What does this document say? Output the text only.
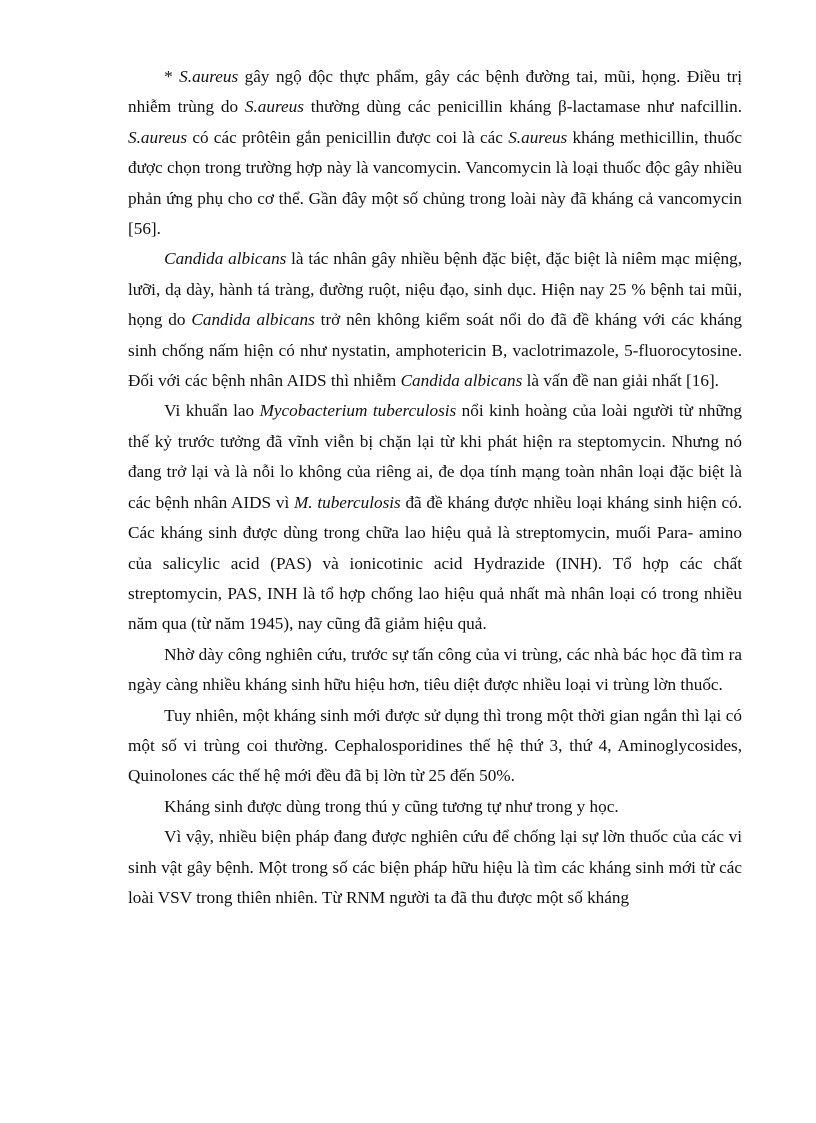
* S.aureus gây ngộ độc thực phẩm, gây các bệnh đường tai, mũi, họng. Điều trị nhiễm trùng do S.aureus thường dùng các penicillin kháng β-lactamase như nafcillin. S.aureus có các prôtêin gắn penicillin được coi là các S.aureus kháng methicillin, thuốc được chọn trong trường hợp này là vancomycin. Vancomycin là loại thuốc độc gây nhiều phản ứng phụ cho cơ thể. Gần đây một số chủng trong loài này đã kháng cả vancomycin [56].

Candida albicans là tác nhân gây nhiều bệnh đặc biệt, đặc biệt là niêm mạc miệng, lưỡi, dạ dày, hành tá tràng, đường ruột, niệu đạo, sinh dục. Hiện nay 25 % bệnh tai mũi, họng do Candida albicans trở nên không kiểm soát nổi do đã đề kháng với các kháng sinh chống nấm hiện có như nystatin, amphotericin B, vaclotrimazole, 5-fluorocytosine. Đối với các bệnh nhân AIDS thì nhiễm Candida albicans là vấn đề nan giải nhất [16].

Vi khuẩn lao Mycobacterium tuberculosis nổi kinh hoàng của loài người từ những thế kỷ trước tưởng đã vĩnh viễn bị chặn lại từ khi phát hiện ra steptomycin. Nhưng nó đang trở lại và là nỗi lo không của riêng ai, đe dọa tính mạng toàn nhân loại đặc biệt là các bệnh nhân AIDS vì M. tuberculosis đã đề kháng được nhiều loại kháng sinh hiện có. Các kháng sinh được dùng trong chữa lao hiệu quả là streptomycin, muối Para- amino của salicylic acid (PAS) và ionicotinic acid Hydrazide (INH). Tổ hợp các chất streptomycin, PAS, INH là tổ hợp chống lao hiệu quả nhất mà nhân loại có trong nhiều năm qua (từ năm 1945), nay cũng đã giảm hiệu quả.

Nhờ dày công nghiên cứu, trước sự tấn công của vi trùng, các nhà bác học đã tìm ra ngày càng nhiều kháng sinh hữu hiệu hơn, tiêu diệt được nhiều loại vi trùng lờn thuốc.

Tuy nhiên, một kháng sinh mới được sử dụng thì trong một thời gian ngắn thì lại có một số vi trùng coi thường. Cephalosporidines thế hệ thứ 3, thứ 4, Aminoglycosides, Quinolones các thế hệ mới đều đã bị lờn từ 25 đến 50%.

Kháng sinh được dùng trong thú y cũng tương tự như trong y học.

Vì vậy, nhiều biện pháp đang được nghiên cứu để chống lại sự lờn thuốc của các vi sinh vật gây bệnh. Một trong số các biện pháp hữu hiệu là tìm các kháng sinh mới từ các loài VSV trong thiên nhiên. Từ RNM người ta đã thu được một số kháng
